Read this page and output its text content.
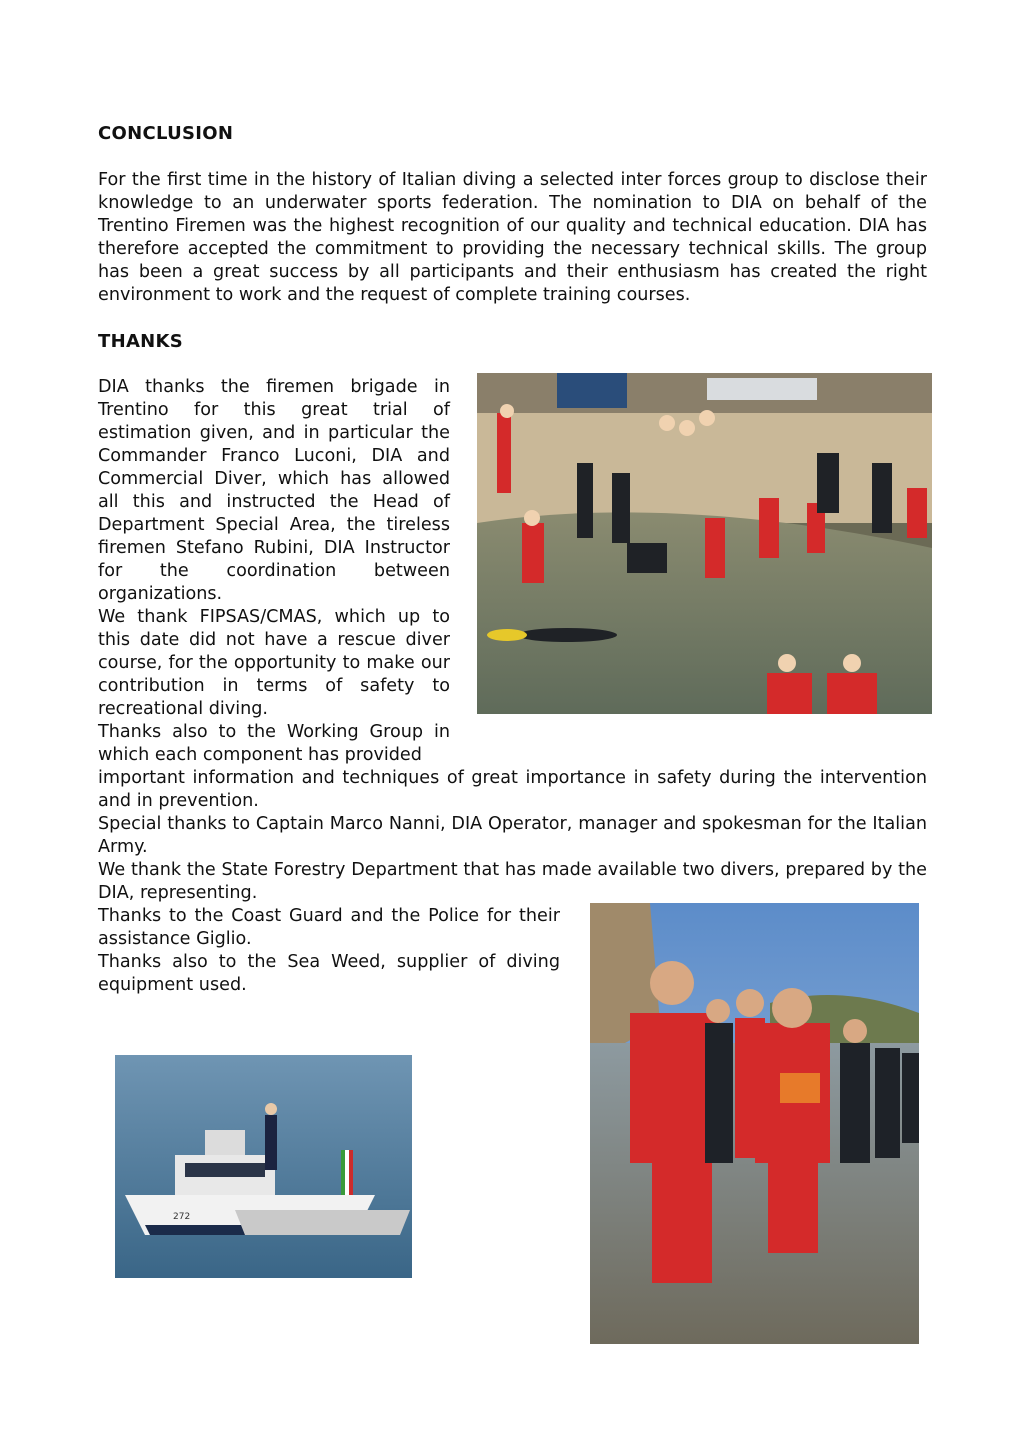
CONCLUSION

For the first time in the history of Italian diving a selected inter forces group to disclose their knowledge to an underwater sports federation. The nomination to DIA on behalf of the Trentino Firemen was the highest recognition of our quality and technical education. DIA has therefore accepted the commitment to providing the necessary technical skills. The group has been a great success by all participants and their enthusiasm has created the right environment to work and the request of complete training courses.

THANKS
DIA thanks the firemen brigade in Trentino for this great trial of estimation given, and in particular the Commander Franco Luconi, DIA and Commercial Diver, which has allowed all this and instructed the Head of Department Special Area, the tireless firemen Stefano Rubini, DIA Instructor for the coordination between organizations.
We thank FIPSAS/CMAS, which up to this date did not have a rescue diver course, for the opportunity to make our contribution in terms of safety to recreational diving.
Thanks also to the Working Group in which each component has provided
important information and techniques of great importance in safety during the intervention and in prevention.
Special thanks to Captain Marco Nanni, DIA Operator, manager and spokesman for the Italian Army.
We thank the State Forestry Department that has made available two divers, prepared by the DIA, representing.
Thanks to the Coast Guard and the Police for their assistance Giglio.
Thanks also to the Sea Weed, supplier of diving equipment used.
272
